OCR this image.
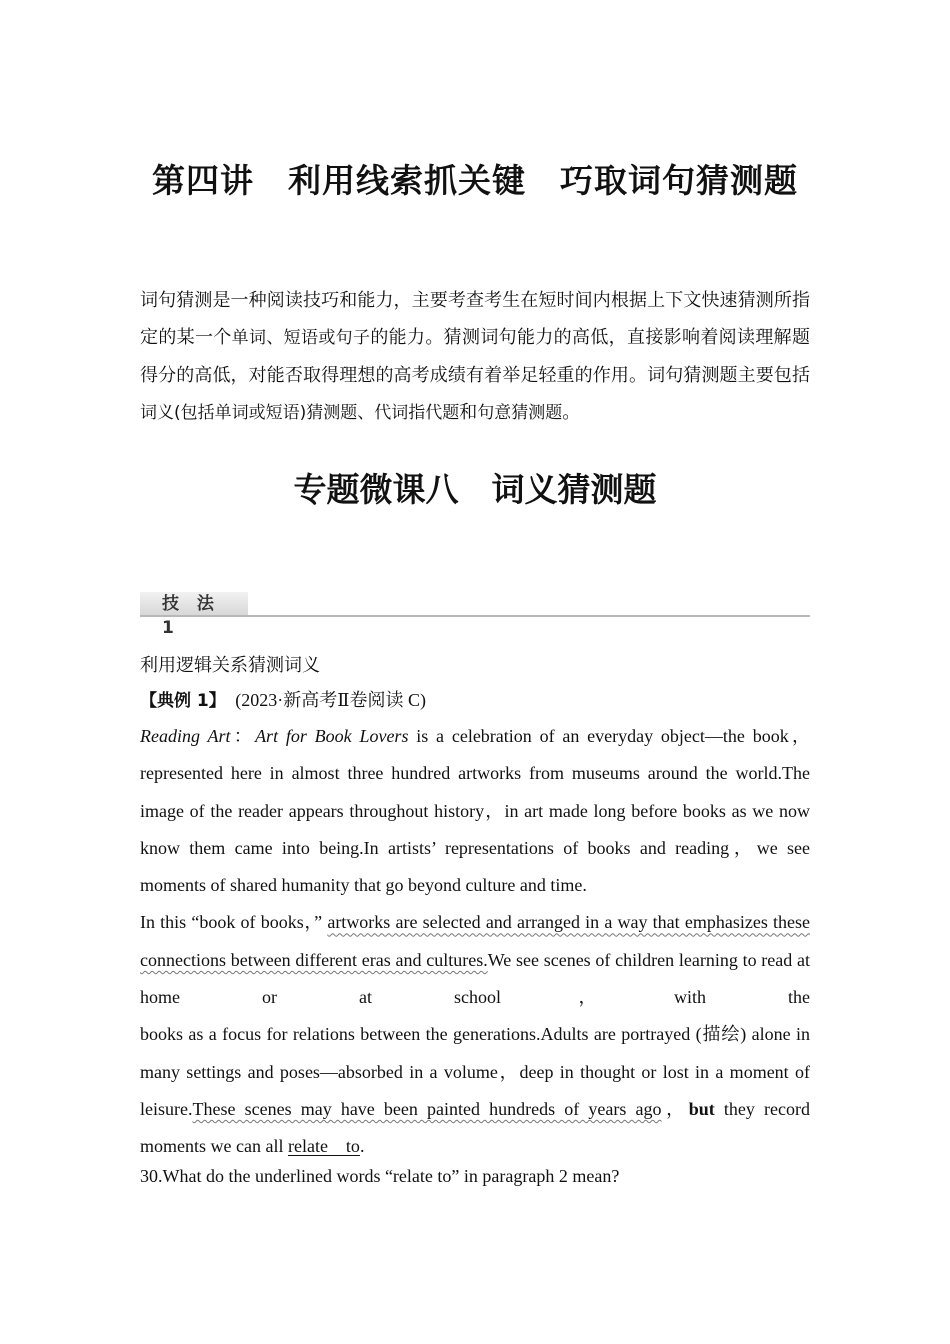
第四讲　利用线索抓关键　巧取词句猜测题

词句猜测是一种阅读技巧和能力，主要考查考生在短时间内根据上下文快速猜测所指定的某一个单词、短语或句子的能力。猜测词句能力的高低，直接影响着阅读理解题得分的高低，对能否取得理想的高考成绩有着举足轻重的作用。词句猜测题主要包括词义(包括单词或短语)猜测题、代词指代题和句意猜测题。

专题微课八　词义猜测题
技 法 1

利用逻辑关系猜测词义

【典例 1】　(2023·新高考Ⅱ卷阅读 C)

Reading Art：Art for Book Lovers is a celebration of an everyday object—the book，represented here in almost three hundred artworks from museums around the world.The image of the reader appears throughout history，in art made long before books as we now know them came into being.In artists’ representations of books and reading，we see moments of shared humanity that go beyond culture and time.

In this “book of books，” artworks are selected and arranged in a way that emphasizes these connections between different eras and cultures.We see scenes of children learning to read at home or at school，with the

books as a focus for relations between the generations.Adults are portrayed (描绘) alone in many settings and poses—absorbed in a volume，deep in thought or lost in a moment of leisure.These scenes may have been painted hundreds of years ago，but they record moments we can all relate　to.

30.What do the underlined words “relate to” in paragraph 2 mean?
